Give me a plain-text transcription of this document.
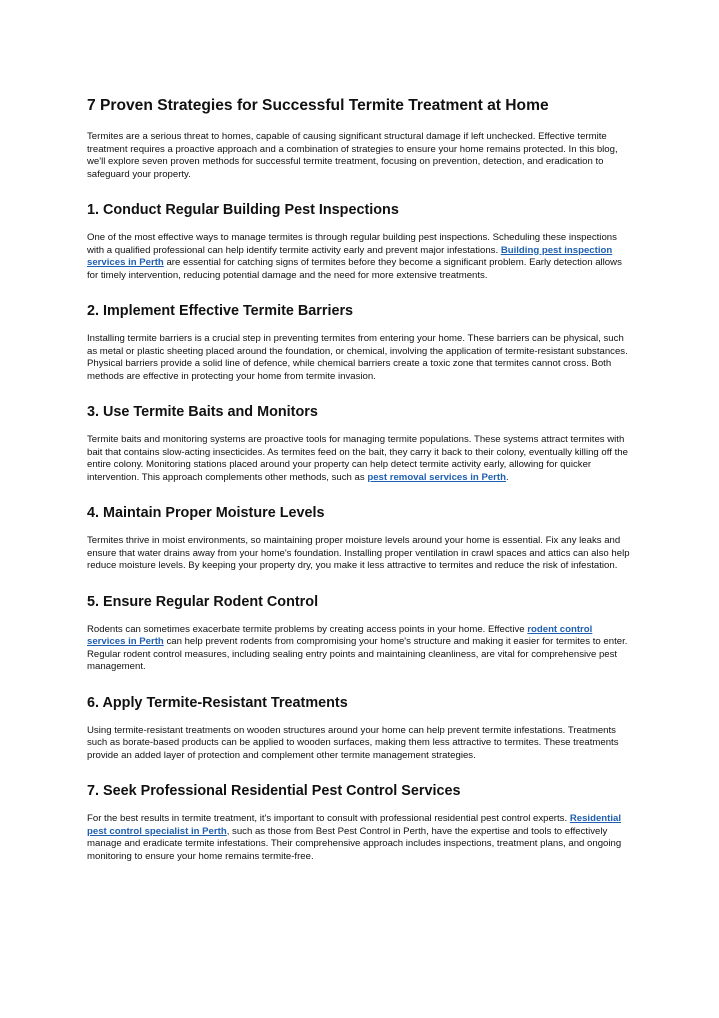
7 Proven Strategies for Successful Termite Treatment at Home

Termites are a serious threat to homes, capable of causing significant structural damage if left unchecked. Effective termite treatment requires a proactive approach and a combination of strategies to ensure your home remains protected. In this blog, we'll explore seven proven methods for successful termite treatment, focusing on prevention, detection, and eradication to safeguard your property.

1. Conduct Regular Building Pest Inspections

One of the most effective ways to manage termites is through regular building pest inspections. Scheduling these inspections with a qualified professional can help identify termite activity early and prevent major infestations. Building pest inspection services in Perth are essential for catching signs of termites before they become a significant problem. Early detection allows for timely intervention, reducing potential damage and the need for more extensive treatments.

2. Implement Effective Termite Barriers

Installing termite barriers is a crucial step in preventing termites from entering your home. These barriers can be physical, such as metal or plastic sheeting placed around the foundation, or chemical, involving the application of termite-resistant substances. Physical barriers provide a solid line of defence, while chemical barriers create a toxic zone that termites cannot cross. Both methods are effective in protecting your home from termite invasion.

3. Use Termite Baits and Monitors

Termite baits and monitoring systems are proactive tools for managing termite populations. These systems attract termites with bait that contains slow-acting insecticides. As termites feed on the bait, they carry it back to their colony, eventually killing off the entire colony. Monitoring stations placed around your property can help detect termite activity early, allowing for quicker intervention. This approach complements other methods, such as pest removal services in Perth.

4. Maintain Proper Moisture Levels

Termites thrive in moist environments, so maintaining proper moisture levels around your home is essential. Fix any leaks and ensure that water drains away from your home's foundation. Installing proper ventilation in crawl spaces and attics can also help reduce moisture levels. By keeping your property dry, you make it less attractive to termites and reduce the risk of infestation.

5. Ensure Regular Rodent Control

Rodents can sometimes exacerbate termite problems by creating access points in your home. Effective rodent control services in Perth can help prevent rodents from compromising your home's structure and making it easier for termites to enter. Regular rodent control measures, including sealing entry points and maintaining cleanliness, are vital for comprehensive pest management.

6. Apply Termite-Resistant Treatments

Using termite-resistant treatments on wooden structures around your home can help prevent termite infestations. Treatments such as borate-based products can be applied to wooden surfaces, making them less attractive to termites. These treatments provide an added layer of protection and complement other termite management strategies.

7. Seek Professional Residential Pest Control Services

For the best results in termite treatment, it's important to consult with professional residential pest control experts. Residential pest control specialist in Perth, such as those from Best Pest Control in Perth, have the expertise and tools to effectively manage and eradicate termite infestations. Their comprehensive approach includes inspections, treatment plans, and ongoing monitoring to ensure your home remains termite-free.
